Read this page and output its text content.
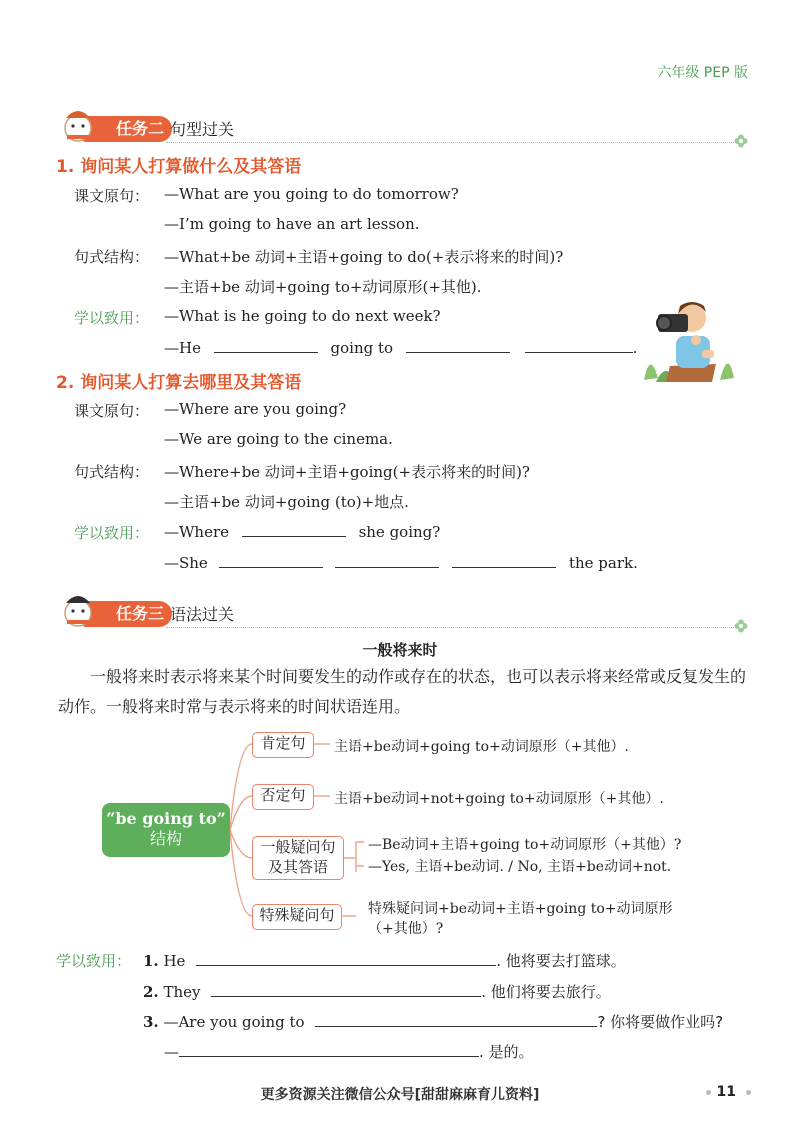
六年级 PEP 版
任务二 句型过关
1. 询问某人打算做什么及其答语
课文原句： —What are you going to do tomorrow?
—I’m going to have an art lesson.
句式结构： —What+be 动词+主语+going to do(+表示将来的时间)?
—主语+be 动词+going to+动词原形(+其他).
学以致用： —What is he going to do next week?
—He	going to	.
2. 询问某人打算去哪里及其答语
课文原句： —Where are you going?
—We are going to the cinema.
句式结构： —Where+be 动词+主语+going(+表示将来的时间)?
—主语+be 动词+going (to)+地点.
学以致用： —Where	she going?
—She	the park.
任务三 语法过关
一般将来时
一般将来时表示将来某个时间要发生的动作或存在的状态，也可以表示将来经常或反复发生的动作。一般将来时常与表示将来的时间状语连用。
“be going to”
结构
肯定句	主语+be动词+going to+动词原形（+其他）.
否定句	主语+be动词+not+going to+动词原形（+其他）.
一般疑问句
及其答语
—Be动词+主语+going to+动词原形（+其他）?
—Yes, 主语+be动词. / No, 主语+be动词+not.
特殊疑问句	特殊疑问词+be动词+主语+going to+动词原形
（+其他）?
学以致用： 1. He	. 他将要去打篮球。
2. They	. 他们将要去旅行。
3. —Are you going to	? 你将要做作业吗?
—	. 是的。
更多资源关注微信公众号[甜甜麻麻育儿资料]	11
